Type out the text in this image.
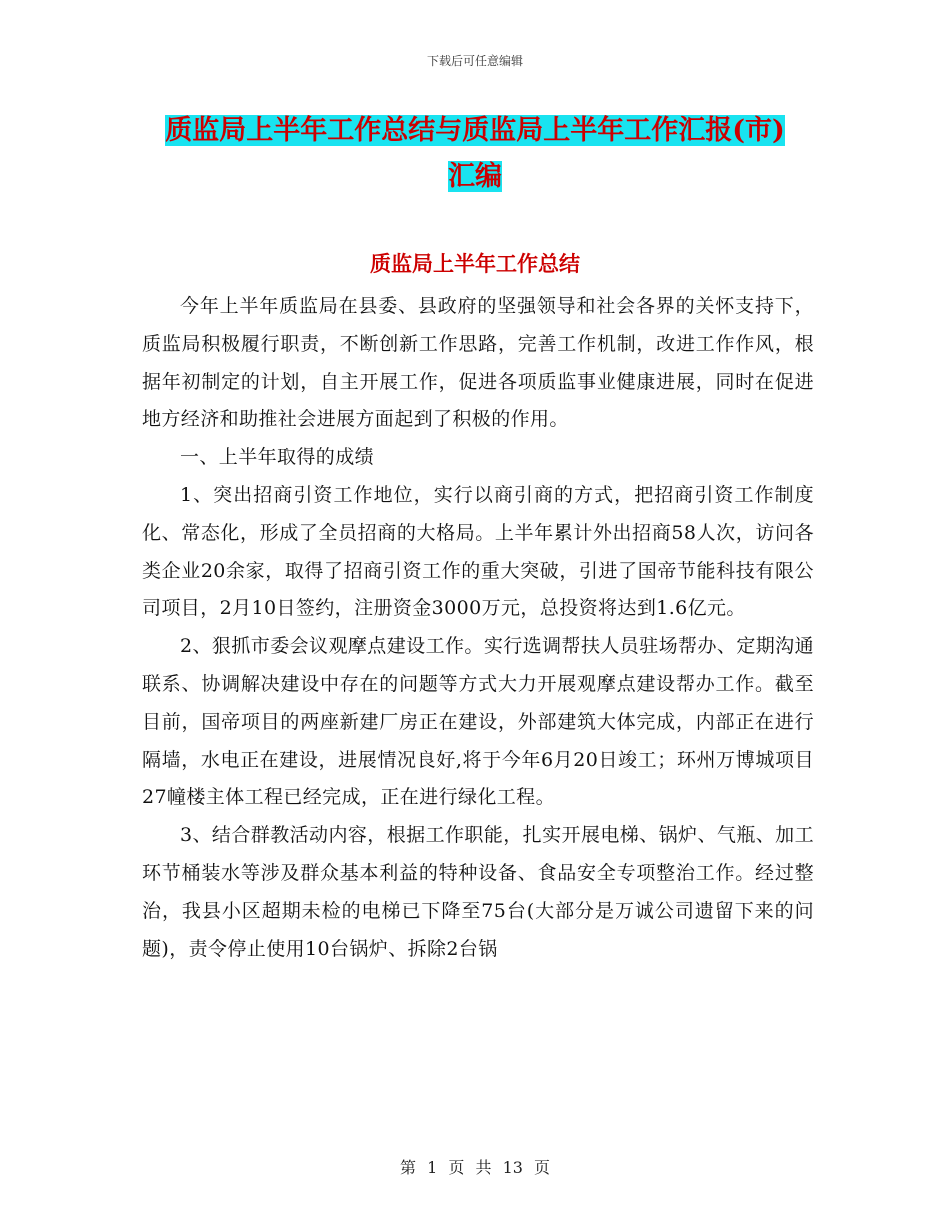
下载后可任意编辑
质监局上半年工作总结与质监局上半年工作汇报(市)
汇编
质监局上半年工作总结

今年上半年质监局在县委、县政府的坚强领导和社会各界的关怀支持下，质监局积极履行职责，不断创新工作思路，完善工作机制，改进工作作风，根据年初制定的计划，自主开展工作，促进各项质监事业健康进展，同时在促进地方经济和助推社会进展方面起到了积极的作用。

一、上半年取得的成绩

1、突出招商引资工作地位，实行以商引商的方式，把招商引资工作制度化、常态化，形成了全员招商的大格局。上半年累计外出招商58人次，访问各类企业20余家，取得了招商引资工作的重大突破，引进了国帝节能科技有限公司项目，2月10日签约，注册资金3000万元，总投资将达到1.6亿元。

2、狠抓市委会议观摩点建设工作。实行选调帮扶人员驻场帮办、定期沟通联系、协调解决建设中存在的问题等方式大力开展观摩点建设帮办工作。截至目前，国帝项目的两座新建厂房正在建设，外部建筑大体完成，内部正在进行隔墙，水电正在建设，进展情况良好,将于今年6月20日竣工；环州万博城项目27幢楼主体工程已经完成，正在进行绿化工程。

3、结合群教活动内容，根据工作职能，扎实开展电梯、锅炉、气瓶、加工环节桶装水等涉及群众基本利益的特种设备、食品安全专项整治工作。经过整治，我县小区超期未检的电梯已下降至75台(大部分是万诚公司遗留下来的问题)，责令停止使用10台锅炉、拆除2台锅

第 1 页 共 13 页
